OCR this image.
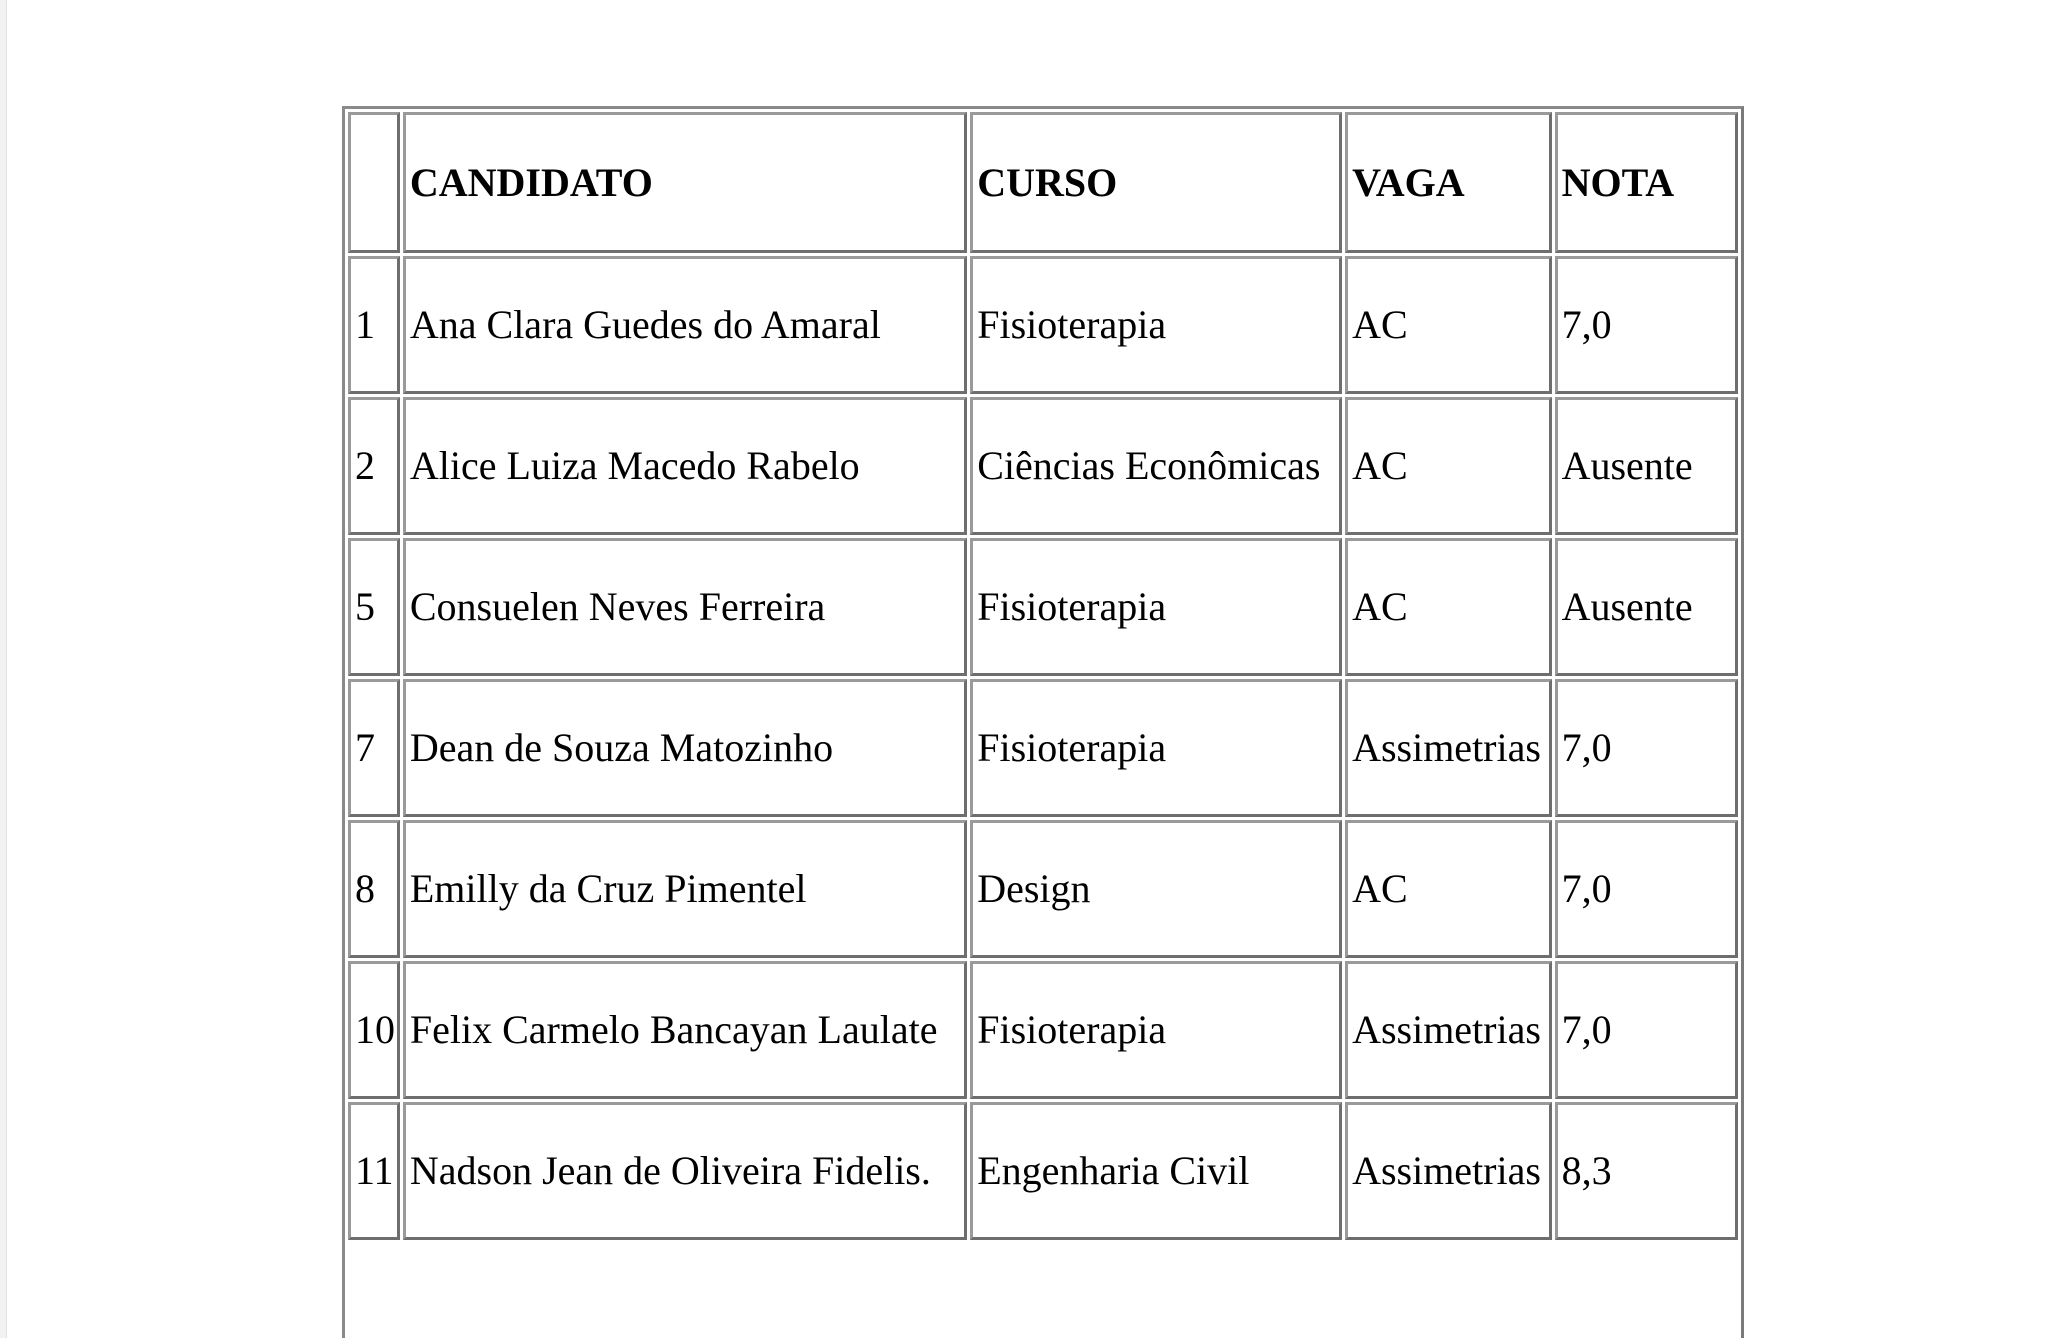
	CANDIDATO	CURSO	VAGA	NOTA
1	Ana Clara Guedes do Amaral	Fisioterapia	AC	7,0
2	Alice Luiza Macedo Rabelo	Ciências Econômicas	AC	Ausente
5	Consuelen Neves Ferreira	Fisioterapia	AC	Ausente
7	Dean de Souza Matozinho	Fisioterapia	Assimetrias	7,0
8	Emilly da Cruz Pimentel	Design	AC	7,0
10	Felix Carmelo Bancayan Laulate	Fisioterapia	Assimetrias	7,0
11	Nadson Jean de Oliveira Fidelis.	Engenharia Civil	Assimetrias	8,3
